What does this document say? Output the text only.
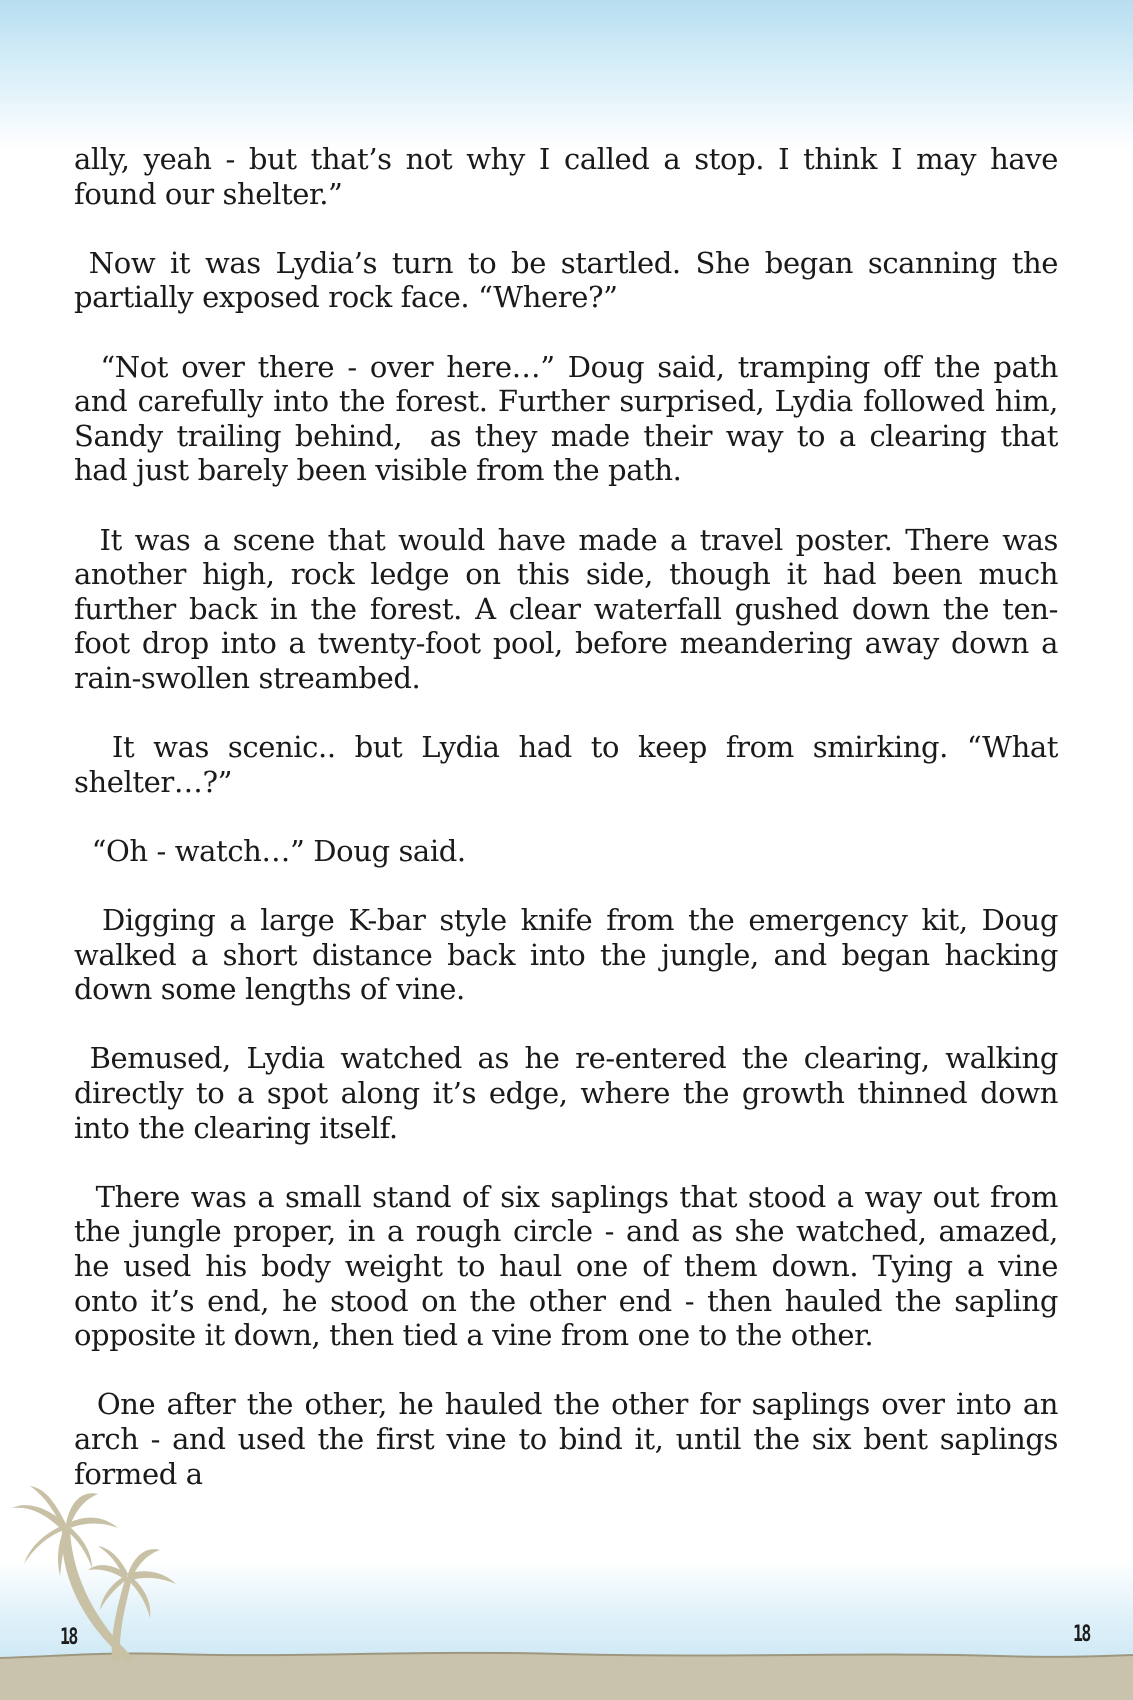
ally, yeah - but that’s not why I called a stop. I think I may have found our shelter.”

Now it was Lydia’s turn to be startled. She began scanning the partially exposed rock face. “Where?”

“Not over there - over here…” Doug said, tramping off the path and carefully into the forest. Further surprised, Lydia followed him, Sandy trailing behind,  as they made their way to a clearing that had just barely been visible from the path.

It was a scene that would have made a travel poster. There was another high, rock ledge on this side, though it had been much further back in the forest. A clear waterfall gushed down the ten-foot drop into a twenty-foot pool, before meandering away down a rain-swollen streambed.

It was scenic.. but Lydia had to keep from smirking. “What shelter…?”

“Oh - watch…” Doug said.

Digging a large K-bar style knife from the emergency kit, Doug walked a short distance back into the jungle, and began hacking down some lengths of vine.

Bemused, Lydia watched as he re-entered the clearing, walking directly to a spot along it’s edge, where the growth thinned down into the clearing itself.

There was a small stand of six saplings that stood a way out from the jungle proper, in a rough circle - and as she watched, amazed, he used his body weight to haul one of them down. Tying a vine onto it’s end, he stood on the other end - then hauled the sapling opposite it down, then tied a vine from one to the other.

One after the other, he hauled the other for saplings over into an arch - and used the first vine to bind it, until the six bent saplings formed a

18	18
